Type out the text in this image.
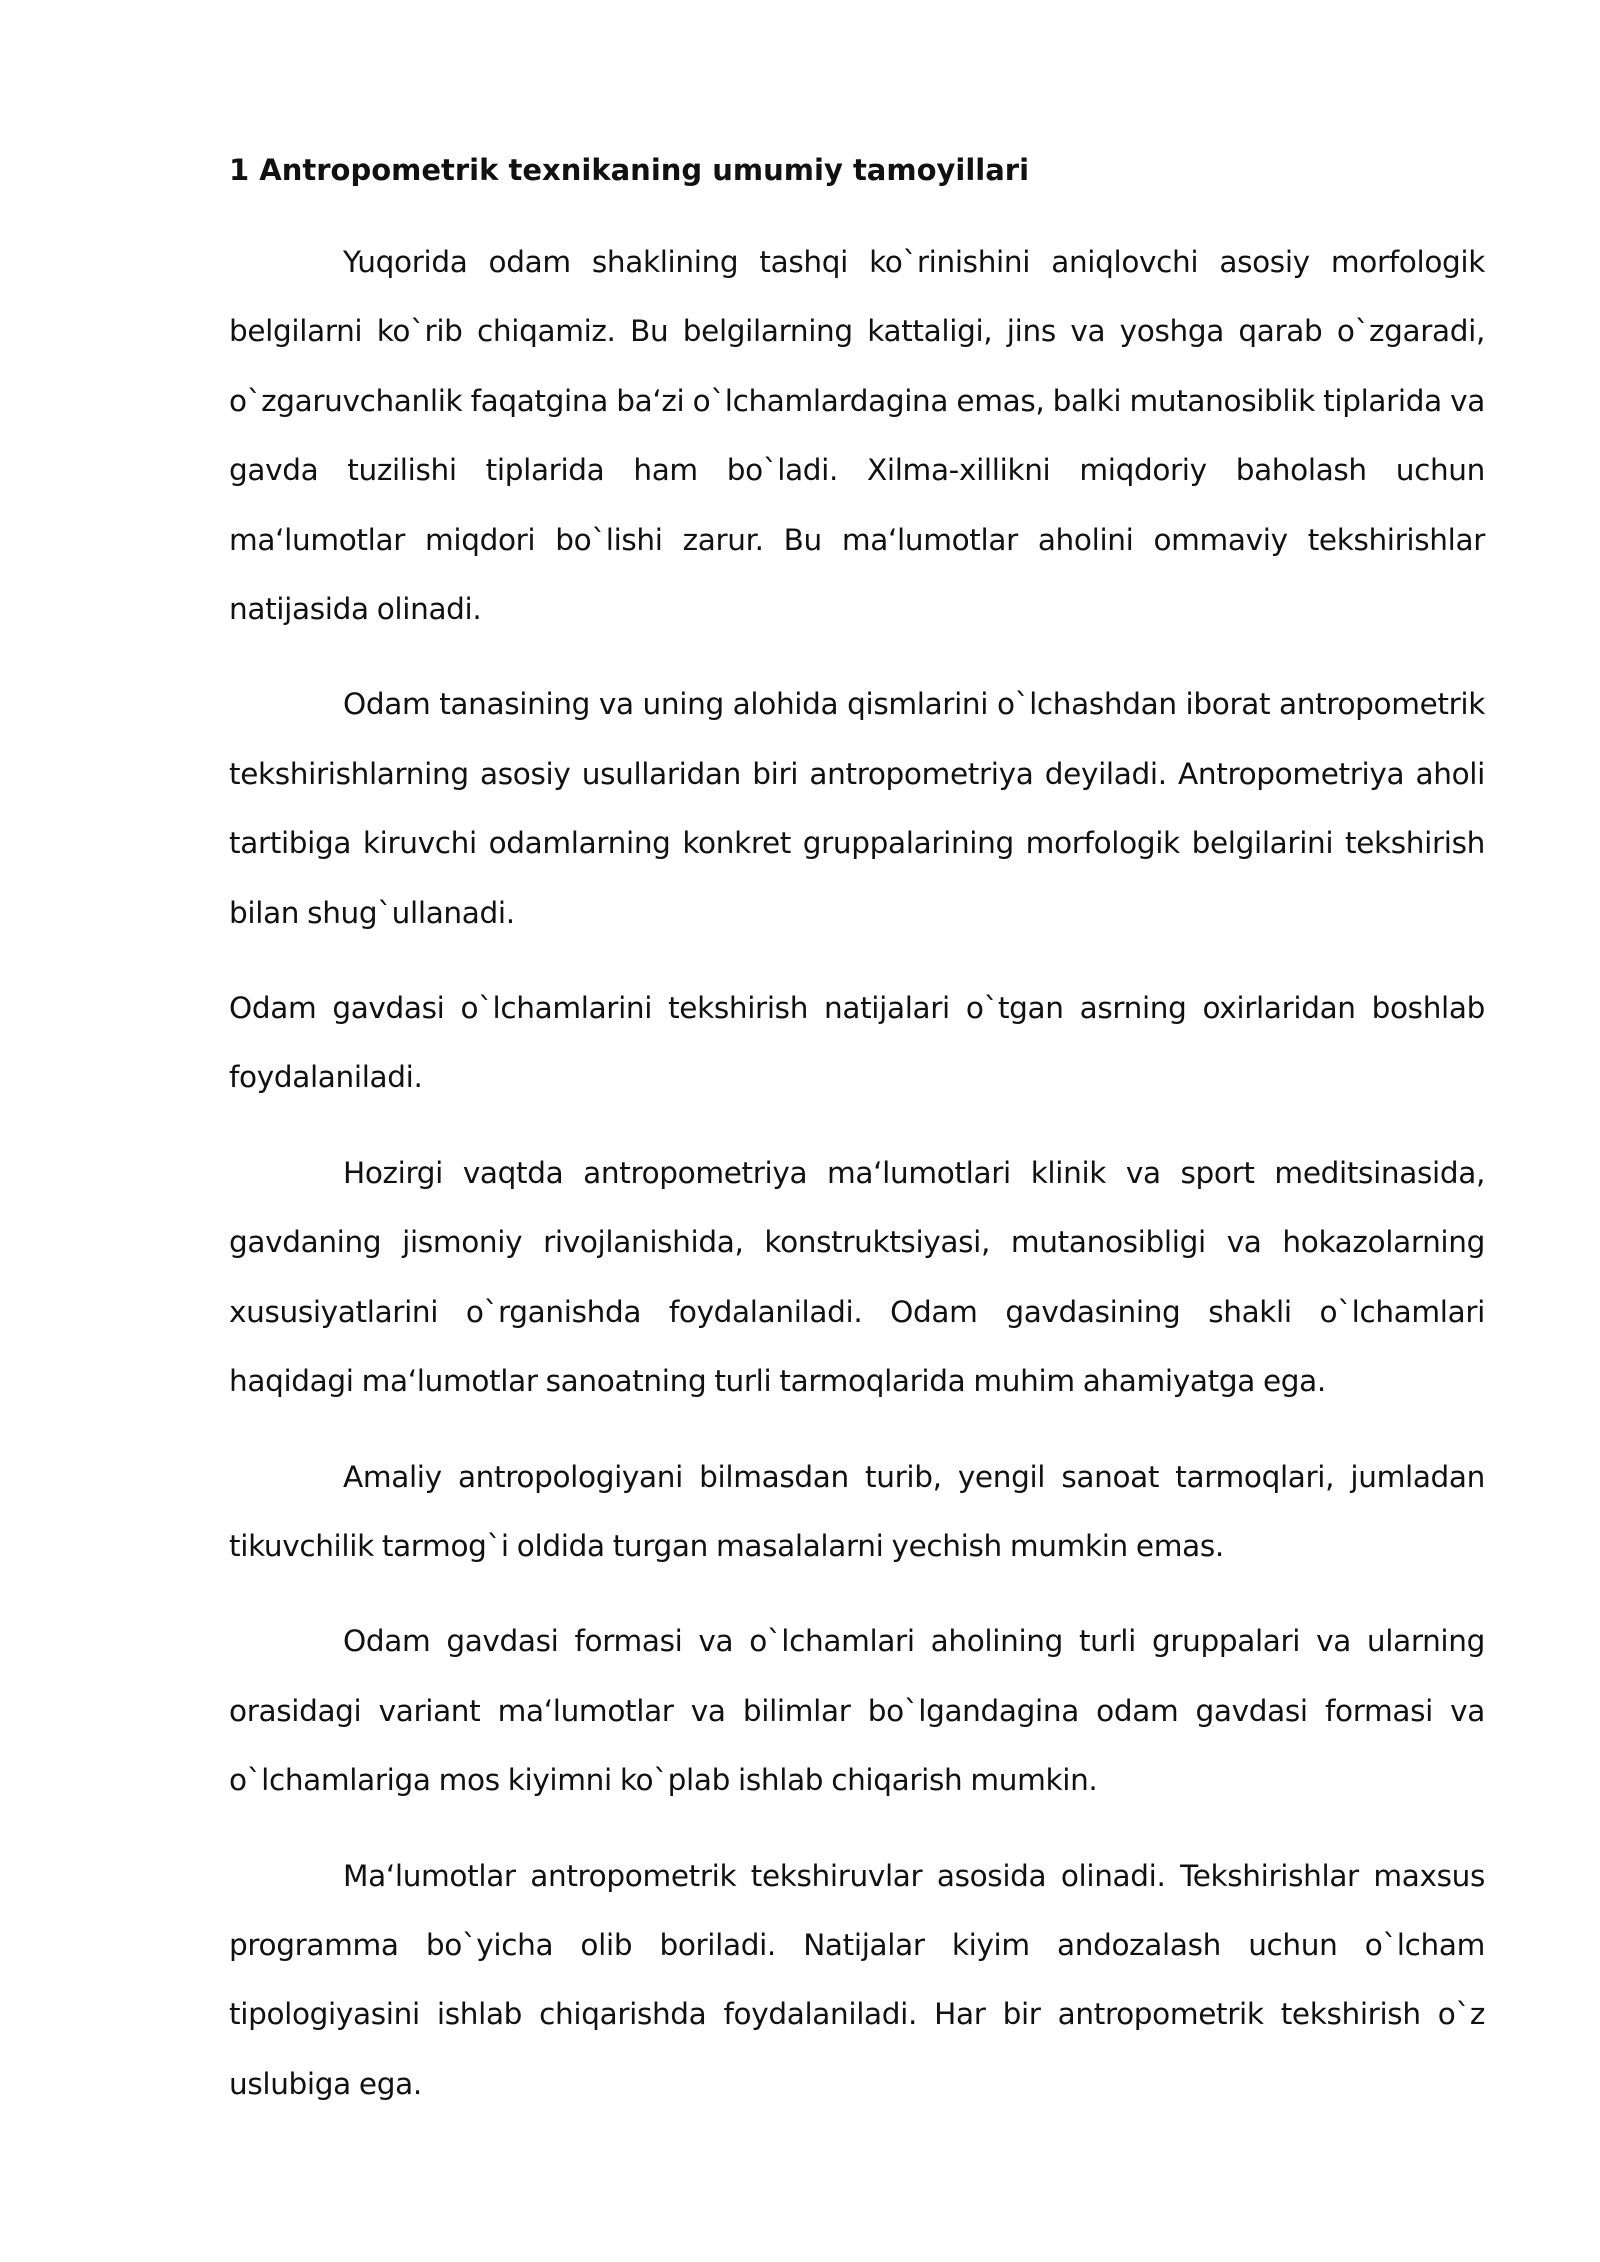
1 Antropometrik texnikaning umumiy tamoyillari

Yuqorida odam shaklining tashqi ko`rinishini aniqlovchi asosiy morfologik belgilarni ko`rib chiqamiz. Bu belgilarning kattaligi, jins va yoshga qarab o`zgaradi, o`zgaruvchanlik faqatgina ba‘zi o`lchamlardagina emas, balki mutanosiblik tiplarida va gavda tuzilishi tiplarida ham bo`ladi. Xilma-xillikni miqdoriy baholash uchun ma‘lumotlar miqdori bo`lishi zarur. Bu ma‘lumotlar aholini ommaviy tekshirishlar natijasida olinadi.

Odam tanasining va uning alohida qismlarini o`lchashdan iborat antropometrik tekshirishlarning asosiy usullaridan biri antropometriya deyiladi. Antropometriya aholi tartibiga kiruvchi odamlarning konkret gruppalarining morfologik belgilarini tekshirish bilan shug`ullanadi.

Odam gavdasi o`lchamlarini tekshirish natijalari o`tgan asrning oxirlaridan boshlab foydalaniladi.

Hozirgi vaqtda antropometriya ma‘lumotlari klinik va sport meditsinasida, gavdaning jismoniy rivojlanishida, konstruktsiyasi, mutanosibligi va hokazolarning xususiyatlarini o`rganishda foydalaniladi. Odam gavdasining shakli o`lchamlari haqidagi ma‘lumotlar sanoatning turli tarmoqlarida muhim ahamiyatga ega.

Amaliy antropologiyani bilmasdan turib, yengil sanoat tarmoqlari, jumladan tikuvchilik tarmog`i oldida turgan masalalarni yechish mumkin emas.

Odam gavdasi formasi va o`lchamlari aholining turli gruppalari va ularning orasidagi variant ma‘lumotlar va bilimlar bo`lgandagina odam gavdasi formasi va o`lchamlariga mos kiyimni ko`plab ishlab chiqarish mumkin.

Ma‘lumotlar antropometrik tekshiruvlar asosida olinadi. Tekshirishlar maxsus programma bo`yicha olib boriladi. Natijalar kiyim andozalash uchun o`lcham tipologiyasini ishlab chiqarishda foydalaniladi. Har bir antropometrik tekshirish o`z uslubiga ega.
